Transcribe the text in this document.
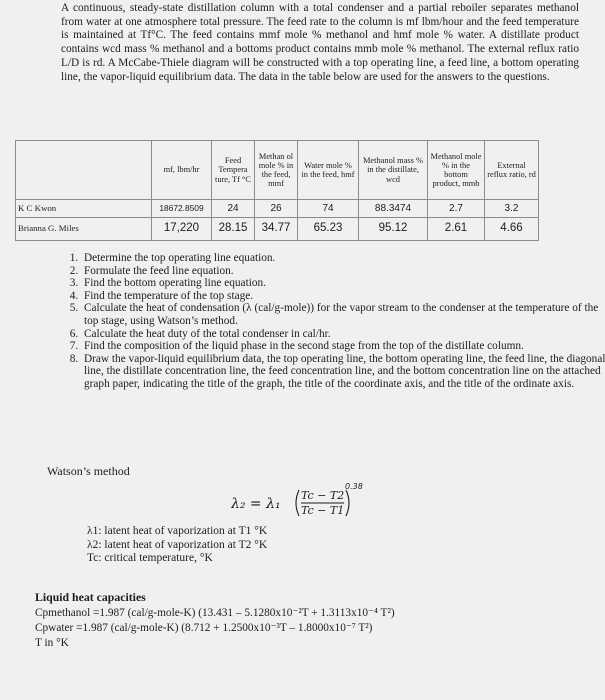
A continuous, steady-state distillation column with a total condenser and a partial reboiler separates methanol from water at one atmosphere total pressure. The feed rate to the column is mf lbm/hour and the feed temperature is maintained at Tf°C. The feed contains mmf mole % methanol and hmf mole % water. A distillate product contains wcd mass % methanol and a bottoms product contains mmb mole % methanol. The external reflux ratio L/D is rd. A McCabe-Thiele diagram will be constructed with a top operating line, a feed line, a bottom operating line, the vapor-liquid equilibrium data. The data in the table below are used for the answers to the questions.
	mf, lbm/hr	Feed Tempera ture, Tf °C	Methan ol mole % in the feed, mmf	Water mole % in the feed, hmf	Methanol mass % in the distillate, wcd	Methanol mole % in the bottom product, mmb	External reflux ratio, rd
K C Kwon	18672.8509	24	26	74	88.3474	2.7	3.2
Brianna G. Miles	17,220	28.15	34.77	65.23	95.12	2.61	4.66
1. Determine the top operating line equation.
2. Formulate the feed line equation.
3. Find the bottom operating line equation.
4. Find the temperature of the top stage.
5. Calculate the heat of condensation (λ (cal/g-mole)) for the vapor stream to the condenser at the temperature of the top stage, using Watson’s method.
6. Calculate the heat duty of the total condenser in cal/hr.
7. Find the composition of the liquid phase in the second stage from the top of the distillate column.
8. Draw the vapor-liquid equilibrium data, the top operating line, the bottom operating line, the feed line, the diagonal line, the distillate concentration line, the feed concentration line, and the bottom concentration line on the attached graph paper, indicating the title of the graph, the title of the coordinate axis, and the title of the ordinate axis.
Watson’s method
λ₂ = λ₁
Tc − T2
Tc − T1
0.38
λ1: latent heat of vaporization at T1 °K
λ2: latent heat of vaporization at T2 °K
Tc: critical temperature, °K
Liquid heat capacities
Cpmethanol =1.987 (cal/g-mole-K) (13.431 – 5.1280x10⁻²T + 1.3113x10⁻⁴ T²)
Cpwater =1.987 (cal/g-mole-K) (8.712 + 1.2500x10⁻³T – 1.8000x10⁻⁷ T²)
T in °K
